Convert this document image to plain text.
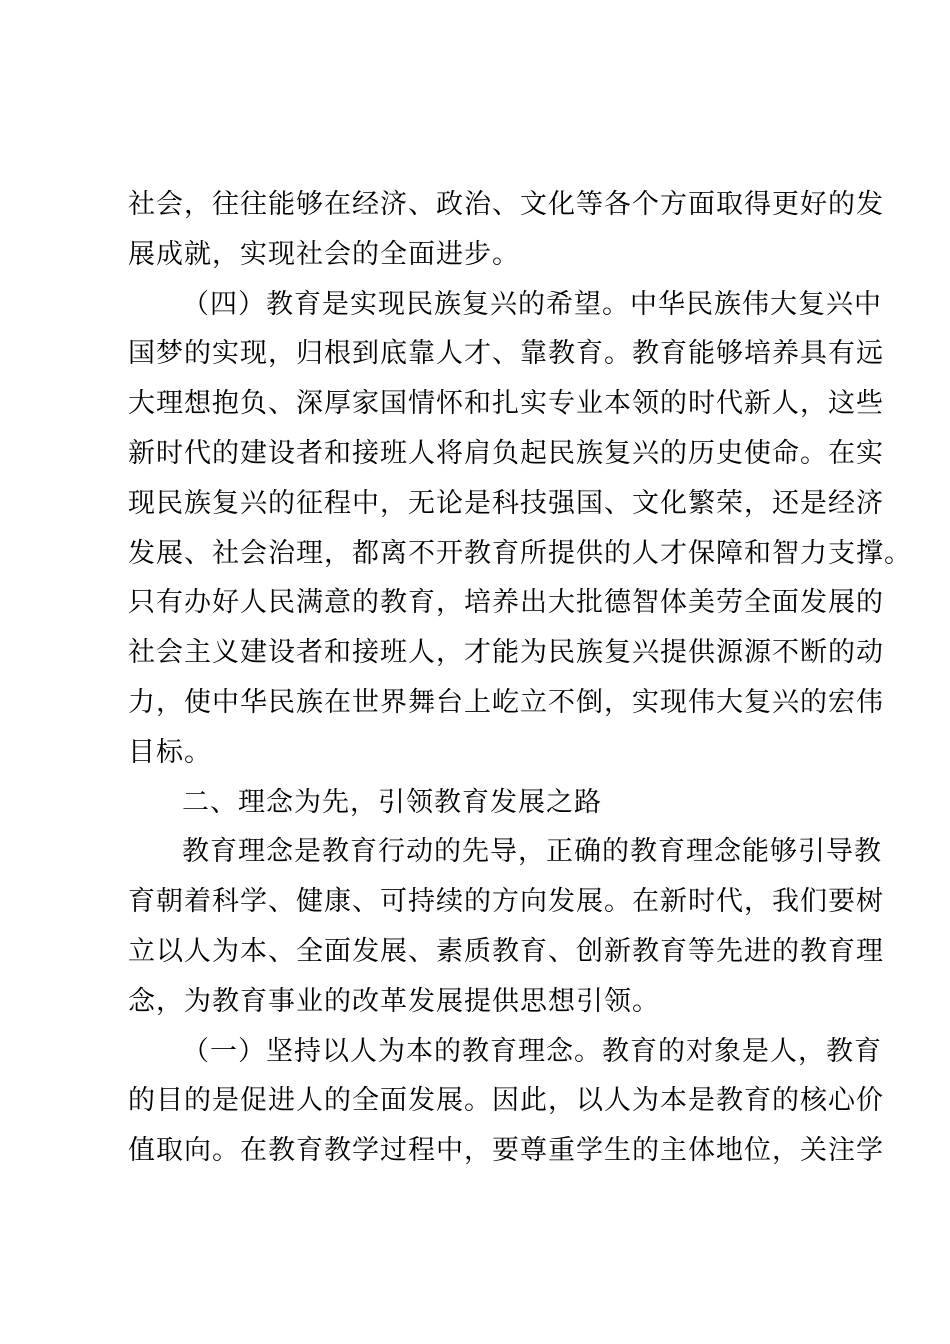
社会，往往能够在经济、政治、文化等各个方面取得更好的发
展成就，实现社会的全面进步。
（四）教育是实现民族复兴的希望。中华民族伟大复兴中
国梦的实现，归根到底靠人才、靠教育。教育能够培养具有远
大理想抱负、深厚家国情怀和扎实专业本领的时代新人，这些
新时代的建设者和接班人将肩负起民族复兴的历史使命。在实
现民族复兴的征程中，无论是科技强国、文化繁荣，还是经济
发展、社会治理，都离不开教育所提供的人才保障和智力支撑。
只有办好人民满意的教育，培养出大批德智体美劳全面发展的
社会主义建设者和接班人，才能为民族复兴提供源源不断的动
力，使中华民族在世界舞台上屹立不倒，实现伟大复兴的宏伟
目标。
二、理念为先，引领教育发展之路
教育理念是教育行动的先导，正确的教育理念能够引导教
育朝着科学、健康、可持续的方向发展。在新时代，我们要树
立以人为本、全面发展、素质教育、创新教育等先进的教育理
念，为教育事业的改革发展提供思想引领。
（一）坚持以人为本的教育理念。教育的对象是人，教育
的目的是促进人的全面发展。因此，以人为本是教育的核心价
值取向。在教育教学过程中，要尊重学生的主体地位，关注学
